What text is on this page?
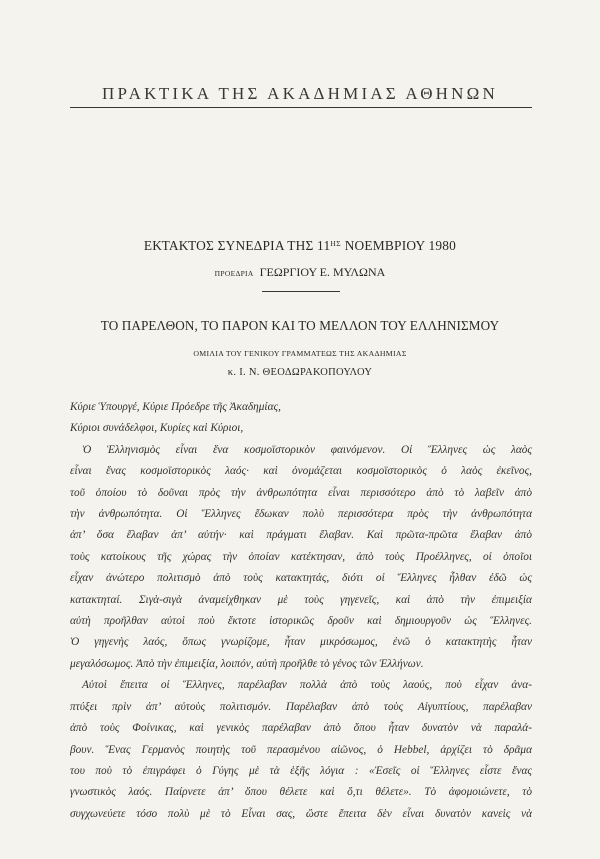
ΠΡΑΚΤΙΚΑ ΤΗΣ ΑΚΑΔΗΜΙΑΣ ΑΘΗΝΩΝ
ΕΚΤΑΚΤΟΣ ΣΥΝΕΔΡΙΑ ΤΗΣ $11^{H\Sigma}$ ΝΟΕΜΒΡΙΟΥ 1980
ΠΡΟΕΔΡΙΑ ΓΕΩΡΓΙΟΥ Ε. ΜΥΛΩΝΑ
ΤΟ ΠΑΡΕΛΘΟΝ, ΤΟ ΠΑΡΟΝ ΚΑΙ ΤΟ ΜΕΛΛΟΝ ΤΟΥ ΕΛΛΗΝΙΣΜΟΥ
ΟΜΙΛΙΑ ΤΟΥ ΓΕΝΙΚΟΥ ΓΡΑΜΜΑΤΕΩΣ ΤΗΣ ΑΚΑΔΗΜΙΑΣ
κ. Ι. Ν. ΘΕΟΔΩΡΑΚΟΠΟΥΛΟΥ
Κύριε Ὑπουργέ, Κύριε Πρόεδρε τῆς Ἀκαδημίας,
Κύριοι συνάδελφοι, Κυρίες καὶ Κύριοι,
Ὁ Ἑλληνισμὸς εἶναι ἕνα κοσμοϊστορικὸν φαινόμενον. Οἱ Ἕλληνες ὡς λαὸς
εἶναι ἕνας κοσμοϊστορικὸς λαός· καὶ ὀνομάζεται κοσμοϊστορικὸς ὁ λαὸς ἐκεῖνος,
τοῦ ὁποίου τὸ δοῦναι πρὸς τὴν ἀνθρωπότητα εἶναι περισσότερο ἀπὸ τὸ λαβεῖν ἀπὸ
τὴν ἀνθρωπότητα. Οἱ Ἕλληνες ἔδωκαν πολὺ περισσότερα πρὸς τὴν ἀνθρωπότητα
ἀπ’ ὅσα ἔλαβαν ἀπ’ αὐτήν· καὶ πράγματι ἔλαβαν. Καὶ πρῶτα-πρῶτα ἔλαβαν ἀπὸ
τοὺς κατοίκους τῆς χώρας τὴν ὁποίαν κατέκτησαν, ἀπὸ τοὺς Προέλληνες, οἱ ὁποῖοι
εἶχαν ἀνώτερο πολιτισμὸ ἀπὸ τοὺς κατακτητάς, διότι οἱ Ἕλληνες ἦλθαν ἐδῶ ὡς
κατακτηταί. Σιγὰ-σιγὰ ἀναμείχθηκαν μὲ τοὺς γηγενεῖς, καὶ ἀπὸ τὴν ἐπιμειξία
αὐτὴ προῆλθαν αὐτοὶ ποὺ ἔκτοτε ἱστορικῶς δροῦν καὶ δημιουργοῦν ὡς Ἕλληνες.
Ὁ γηγενὴς λαός, ὅπως γνωρίζομε, ἦταν μικρόσωμος, ἐνῶ ὁ κατακτητὴς ἦταν
μεγαλόσωμος. Ἀπὸ τὴν ἐπιμειξία, λοιπόν, αὐτὴ προῆλθε τὸ γένος τῶν Ἑλλήνων.
Αὐτοὶ ἔπειτα οἱ Ἕλληνες, παρέλαβαν πολλὰ ἀπὸ τοὺς λαούς, ποὺ εἶχαν ἀνα-
πτύξει πρὶν ἀπ’ αὐτοὺς πολιτισμόν. Παρέλαβαν ἀπὸ τοὺς Αἰγυπτίους, παρέλαβαν
ἀπὸ τοὺς Φοίνικας, καὶ γενικὸς παρέλαβαν ἀπὸ ὅπου ἦταν δυνατὸν νὰ παραλά-
βουν. Ἕνας Γερμανὸς ποιητὴς τοῦ περασμένου αἰῶνος, ὁ Hebbel, ἀρχίζει τὸ δρᾶμα
του ποὺ τὸ ἐπιγράφει ὁ Γύγης μὲ τὰ ἑξῆς λόγια : «Ἐσεῖς οἱ Ἕλληνες εἶστε ἕνας
γνωστικὸς λαός. Παίρνετε ἀπ’ ὅπου θέλετε καὶ ὅ,τι θέλετε». Τὸ ἀφομοιώνετε, τὸ
συγχωνεύετε τόσο πολὺ μὲ τὸ Εἶναι σας, ὥστε ἔπειτα δὲν εἶναι δυνατὸν κανεὶς νὰ
